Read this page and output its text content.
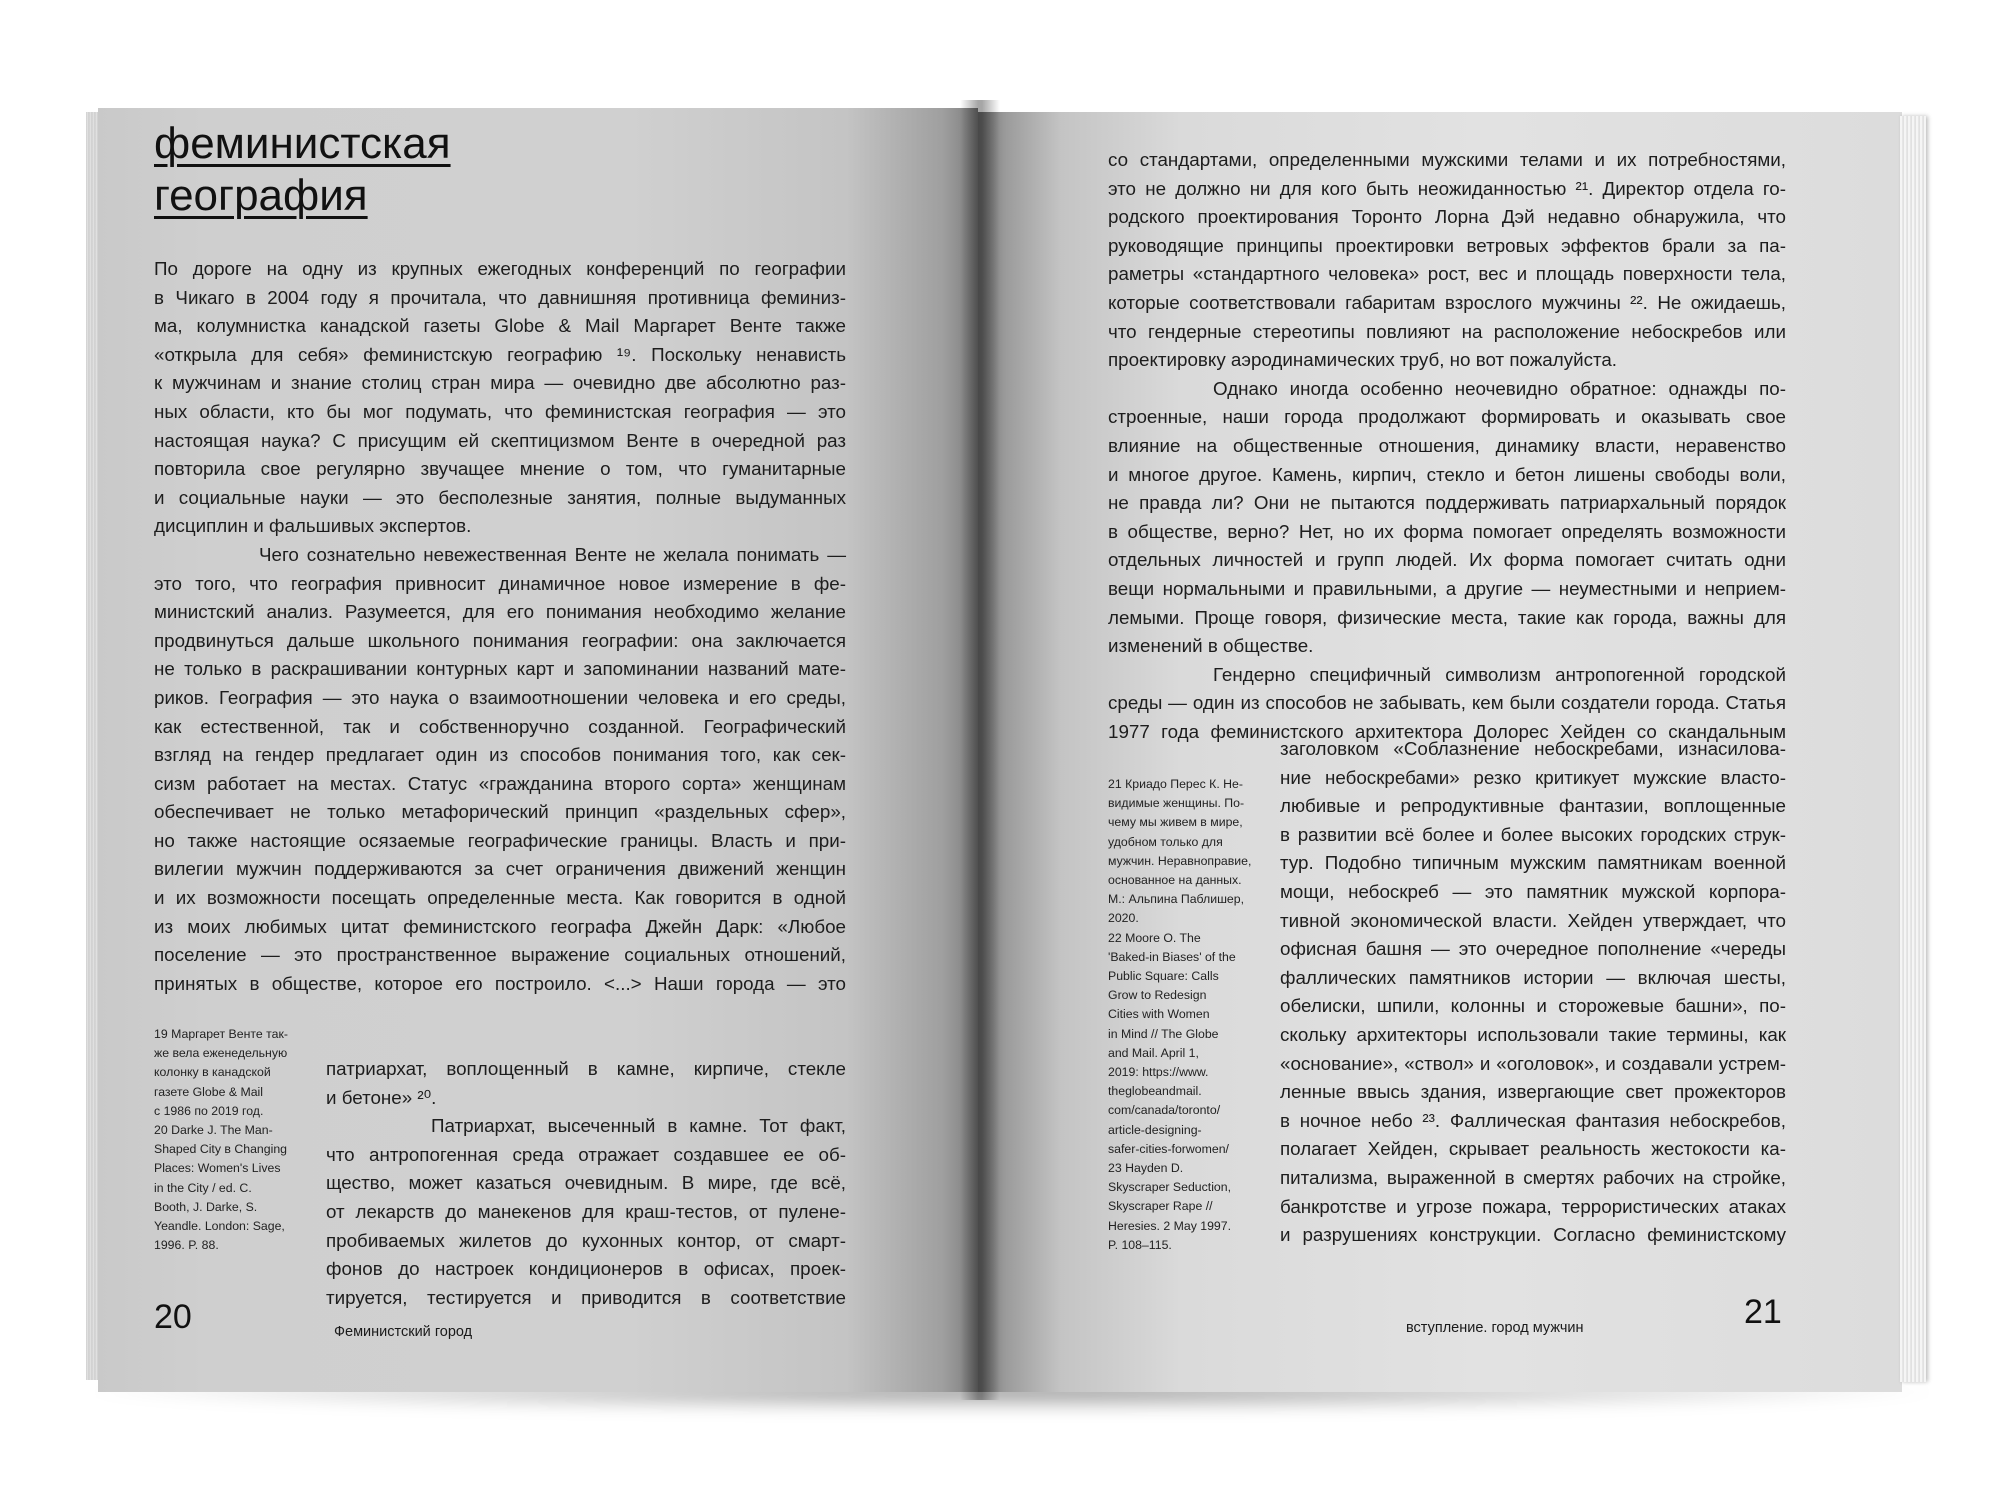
феминистская
география
По дороге на одну из крупных ежегодных конференций по географии
в Чикаго в 2004 году я прочитала, что давнишняя противница феминиз-
ма, колумнистка канадской газеты Globe & Mail Маргарет Венте также
«открыла для себя» феминистскую географию ¹⁹. Поскольку ненависть
к мужчинам и знание столиц стран мира — очевидно две абсолютно раз-
ных области, кто бы мог подумать, что феминистская география — это
настоящая наука? С присущим ей скептицизмом Венте в очередной раз
повторила свое регулярно звучащее мнение о том, что гуманитарные
и социальные науки — это бесполезные занятия, полные выдуманных
дисциплин и фальшивых экспертов.
Чего сознательно невежественная Венте не желала понимать —
это того, что география привносит динамичное новое измерение в фе-
министский анализ. Разумеется, для его понимания необходимо желание
продвинуться дальше школьного понимания географии: она заключается
не только в раскрашивании контурных карт и запоминании названий мате-
риков. География — это наука о взаимоотношении человека и его среды,
как естественной, так и собственноручно созданной. Географический
взгляд на гендер предлагает один из способов понимания того, как сек-
сизм работает на местах. Статус «гражданина второго сорта» женщинам
обеспечивает не только метафорический принцип «раздельных сфер»,
но также настоящие осязаемые географические границы. Власть и при-
вилегии мужчин поддерживаются за счет ограничения движений женщин
и их возможности посещать определенные места. Как говорится в одной
из моих любимых цитат феминистского географа Джейн Дарк: «Любое
поселение — это пространственное выражение социальных отношений,
принятых в обществе, которое его построило. <...> Наши города — это
патриархат, воплощенный в камне, кирпиче, стекле
и бетоне» ²⁰.
Патриархат, высеченный в камне. Тот факт,
что антропогенная среда отражает создавшее ее об-
щество, может казаться очевидным. В мире, где всё,
от лекарств до манекенов для краш-тестов, от пуленe-
пробиваемых жилетов до кухонных контор, от смарт-
фонов до настроек кондиционеров в офисах, проек-
тируется, тестируется и приводится в соответствие
19 Маргарет Венте так-
же вела еженедельную
колонку в канадской
газете Globe & Mail
с 1986 по 2019 год.
20 Darke J. The Man-
Shaped City в Changing
Places: Women's Lives
in the City / ed. C.
Booth, J. Darke, S.
Yeandle. London: Sage,
1996. P. 88.
20	Феминистский город
со стандартами, определенными мужскими телами и их потребностями,
это не должно ни для кого быть неожиданностью ²¹. Директор отдела го-
родского проектирования Торонто Лорна Дэй недавно обнаружила, что
руководящие принципы проектировки ветровых эффектов брали за па-
раметры «стандартного человека» рост, вес и площадь поверхности тела,
которые соответствовали габаритам взрослого мужчины ²². Не ожидаешь,
что гендерные стереотипы повлияют на расположение небоскребов или
проектировку аэродинамических труб, но вот пожалуйста.
Однако иногда особенно неочевидно обратное: однажды по-
строенные, наши города продолжают формировать и оказывать свое
влияние на общественные отношения, динамику власти, неравенство
и многое другое. Камень, кирпич, стекло и бетон лишены свободы воли,
не правда ли? Они не пытаются поддерживать патриархальный порядок
в обществе, верно? Нет, но их форма помогает определять возможности
отдельных личностей и групп людей. Их форма помогает считать одни
вещи нормальными и правильными, а другие — неуместными и неприем-
лемыми. Проще говоря, физические места, такие как города, важны для
изменений в обществе.
Гендерно специфичный символизм антропогенной городской
среды — один из способов не забывать, кем были создатели города. Статья
1977 года феминистского архитектора Долорес Хейден со скандальным
заголовком «Соблазнение небоскребами, изнасилова-
ние небоскребами» резко критикует мужские власто-
любивые и репродуктивные фантазии, воплощенные
в развитии всё более и более высоких городских струк-
тур. Подобно типичным мужским памятникам военной
мощи, небоскреб — это памятник мужской корпора-
тивной экономической власти. Хейден утверждает, что
офисная башня — это очередное пополнение «череды
фаллических памятников истории — включая шесты,
обелиски, шпили, колонны и сторожевые башни», по-
скольку архитекторы использовали такие термины, как
«основание», «ствол» и «оголовок», и создавали устрем-
ленные ввысь здания, извергающие свет прожекторов
в ночное небо ²³. Фаллическая фантазия небоскребов,
полагает Хейден, скрывает реальность жестокости ка-
питализма, выраженной в смертях рабочих на стройке,
банкротстве и угрозе пожара, террористических атаках
и разрушениях конструкции. Согласно феминистскому
21 Криадо Перес К. Не-
видимые женщины. По-
чему мы живем в мире,
удобном только для
мужчин. Неравноправие,
основанное на данных.
М.: Альпина Паблишер,
2020.
22 Moore O. The
'Baked-in Biases' of the
Public Square: Calls
Grow to Redesign
Cities with Women
in Mind // The Globe
and Mail. April 1,
2019: https://www.
theglobeandmail.
com/canada/toronto/
article-designing-
safer-cities-forwomen/
23 Hayden D.
Skyscraper Seduction,
Skyscraper Rape //
Heresies. 2 May 1997.
P. 108–115.
21
вступление. город мужчин
